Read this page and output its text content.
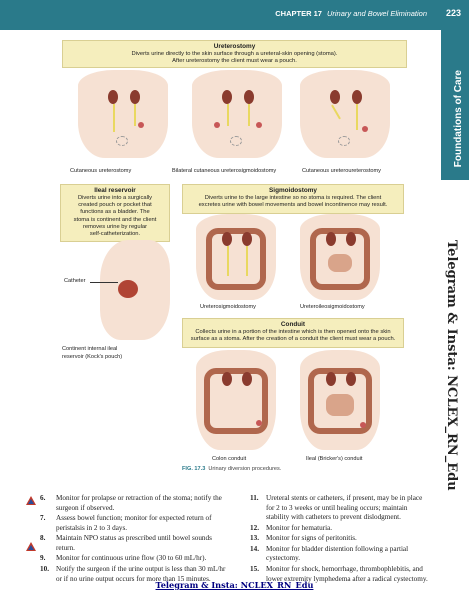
CHAPTER 17 Urinary and Bowel Elimination 223
Foundations of Care
Telegram & Insta: NCLEX_RN_Edu
Ureterostomy
Diverts urine directly to the skin surface through a ureteral-skin opening (stoma).
After ureterostomy the client must wear a pouch.
Cutaneous ureterostomy	Bilateral cutaneous ureterosigmoidostomy	Cutaneous ureteroureterostomy
Ileal reservoir
Diverts urine into a surgically
created pouch or pocket that
functions as a bladder. The
stoma is continent and the client
removes urine by regular
self-catheterization.
Sigmoidostomy
Diverts urine to the large intestine so no stoma is required. The client
excretes urine with bowel movements and bowel incontinence may result.
Catheter
Continent internal ileal
reservoir (Kock's pouch)
Ureterosigmoidostomy	Ureteroileosigmoidostomy
Conduit
Collects urine in a portion of the intestine which is then opened onto the skin
surface as a stoma. After the creation of a conduit the client must wear a pouch.
Colon conduit	Ileal (Bricker's) conduit
FIG. 17.3 Urinary diversion procedures.
6. Monitor for prolapse or retraction of the stoma; notify the surgeon if observed.
7. Assess bowel function; monitor for expected return of peristalsis in 2 to 3 days.
8. Maintain NPO status as prescribed until bowel sounds return.
9. Monitor for continuous urine flow (30 to 60 mL/hr).
10. Notify the surgeon if the urine output is less than 30 mL/hr or if no urine output occurs for more than 15 minutes.
11. Ureteral stents or catheters, if present, may be in place for 2 to 3 weeks or until healing occurs; maintain stability with catheters to prevent dislodgment.
12. Monitor for hematuria.
13. Monitor for signs of peritonitis.
14. Monitor for bladder distention following a partial cystectomy.
15. Monitor for shock, hemorrhage, thrombophlebitis, and lower extremity lymphedema after a radical cystectomy.
Telegram & Insta: NCLEX_RN_Edu
